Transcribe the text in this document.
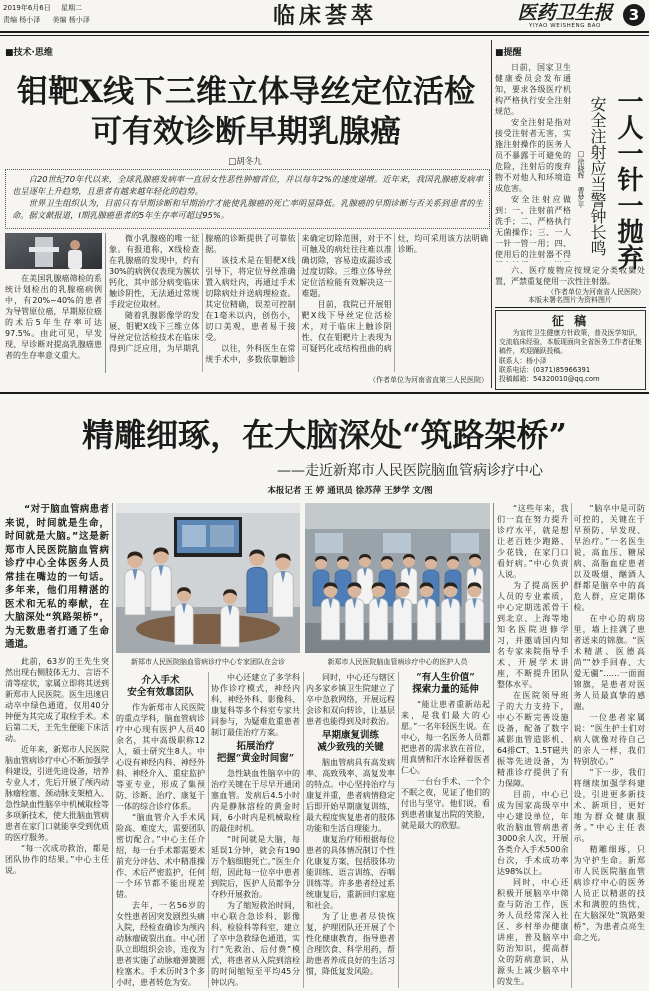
2019年6月6日 星期二
责编 杨小泽 美编 杨小泽	临床荟萃	医药卫生报
YIYAO WEISHENG BAO
3
■技术·思维
钼靶X线下三维立体导丝定位活检
可有效诊断早期乳腺癌
□胡冬九

自20世纪70年代以来，全球乳腺癌发病率一直居女性恶性肿瘤首位，并以每年2%的速度递增。近年来，我国乳腺癌发病率也呈逐年上升趋势，且患者有越来越年轻化的趋势。

世界卫生组织认为，目前只有早期诊断和早期治疗才能使乳腺癌的死亡率明显降低。乳腺癌的早期诊断与否关系到患者的生命。据文献报道，Ⅰ期乳腺癌患者的5年生存率可超过95%。

在美国乳腺癌筛检的系统计划检出的乳腺癌病例中，有20%~40%的患者为导管原位癌，早期原位癌的术后5年生存率可达97.5%。由此可见，早发现、早诊断对提高乳腺癌患者的生存率意义重大。

微小乳腺癌的唯一征象。有报道称，X线检查在乳腺癌的发现中，约有30%的病例仅表现为簇状钙化，其中部分病变临床触诊阴性，无法通过常规手段定位取材。

随着乳腺影像学的发展，钼靶X线下三维立体导丝定位活检技术在临床得到广泛应用，为早期乳腺癌的诊断提供了可靠依据。

该技术是在钼靶X线引导下，将定位导丝准确置入病灶内，再通过手术切除病灶并送病理检查。其定位精确，误差可控制在1毫米以内，创伤小，切口美观，患者易于接受。

以往，外科医生在常规手术中，多数依靠触诊来确定切除范围，对于不可触及的病灶往往难以准确切除，容易造成漏诊或过度切除。三维立体导丝定位活检能有效解决这一难题。

目前，我院已开展钼靶X线下导丝定位活检术，对于临床上触诊阴性、仅在钼靶片上表现为可疑钙化或结构扭曲的病灶，均可采用该方法明确诊断。

（作者单位为河南省直第三人民医院）
■提醒

日前，国家卫生健康委员会发布通知，要求各级医疗机构严格执行安全注射规范。

安全注射是指对接受注射者无害，实施注射操作的医务人员不暴露于可避免的危险，注射后的废弃物不对他人和环境造成危害。

安全注射应做到：一、注射前严格洗手；二、严格执行无菌操作；三、一人一针一管一用；四、使用后的注射器不得

□徐晓辉 曹梦平 安全注射应当警钟长鸣 一人一针一抛弃

六、医疗废物应按规定分类收集处置，严禁重复使用一次性注射器。

（作者单位为河南省人民医院）
本版未署名图片为资料图片
征 稿
为宣传卫生健康方针政策，普及医学知识，交流临床经验，本版现面向全省医务工作者征集稿件，欢迎踊跃投稿。
联系人：杨小泽
联系电话：(0371)85966391
投稿邮箱：54320010@qq.com
精雕细琢，在大脑深处“筑路架桥”
——走近新郑市人民医院脑血管病诊疗中心
本报记者 王 婷 通讯员 徐苏萍 王梦学 文/图

“对于脑血管病患者来说，时间就是生命，时间就是大脑。”这是新郑市人民医院脑血管病诊疗中心全体医务人员常挂在嘴边的一句话。多年来，他们用精湛的医术和无私的奉献，在大脑深处“筑路架桥”，为无数患者打通了生命通道。

此前，63岁的王先生突然出现右侧肢体无力、言语不清等症状，家属立即将其送到新郑市人民医院。医生迅速启动卒中绿色通道，仅用40分钟便为其完成了取栓手术。术后第二天，王先生便能下床活动。

近年来，新郑市人民医院脑血管病诊疗中心不断加强学科建设，引进先进设备，培养专业人才，先后开展了颅内动脉瘤栓塞、颈动脉支架植入、急性缺血性脑卒中机械取栓等多项新技术，使大批脑血管病患者在家门口就能享受到优质的医疗服务。

“每一次成功救治，都是团队协作的结果。”中心主任说。

新郑市人民医院脑血管病诊疗中心专家团队在会诊	新郑市人民医院脑血管病诊疗中心的医护人员
介入手术
安全有效靠团队

作为新郑市人民医院的重点学科，脑血管病诊疗中心现有医护人员40余名，其中高级职称12人，硕士研究生8人。中心设有神经内科、神经外科、神经介入、重症监护等亚专业，形成了集预防、诊断、治疗、康复于一体的综合诊疗体系。

“脑血管介入手术风险高、难度大，需要团队密切配合。”中心主任介绍，每一台手术都需要术前充分评估、术中精准操作、术后严密监护，任何一个环节都不能出现差错。

去年，一名56岁的女性患者因突发剧烈头痛入院，经检查确诊为颅内动脉瘤破裂出血。中心团队立即组织会诊，连夜为患者实施了动脉瘤弹簧圈栓塞术。手术历时3个多小时，患者转危为安。

中心还建立了多学科协作诊疗模式，神经内科、神经外科、影像科、康复科等多个科室专家共同参与，为疑难危重患者制订最佳治疗方案。

拓展治疗
把握“黄金时间窗”

急性缺血性脑卒中的治疗关键在于尽早开通闭塞血管。发病后4.5小时内是静脉溶栓的黄金时间，6小时内是机械取栓的最佳时机。

“时间就是大脑，每延误1分钟，就会有190万个脑细胞死亡。”医生介绍，因此每一位卒中患者到院后，医护人员都争分夺秒开展救治。

为了缩短救治时间，中心联合急诊科、影像科、检验科等科室，建立了卒中急救绿色通道，实行“先救治、后付费”模式，将患者从入院到溶栓的时间缩短至平均45分钟以内。

同时，中心还与辖区内多家乡镇卫生院建立了卒中急救网络，开展远程会诊和双向转诊，让基层患者也能得到及时救治。

早期康复训练
减少致残的关键

脑血管病具有高发病率、高致残率、高复发率的特点。中心坚持治疗与康复并重，患者病情稳定后即开始早期康复训练，最大程度恢复患者的肢体功能和生活自理能力。

康复治疗师根据每位患者的具体情况制订个性化康复方案，包括肢体功能训练、语言训练、吞咽训练等。许多患者经过系统康复后，重新回归家庭和社会。

为了让患者尽快恢复，护理团队还开展了个性化健康教育，指导患者合理饮食、科学用药，帮助患者养成良好的生活习惯，降低复发风险。

“有人生价值”
探索力量的延伸

“能让患者重新站起来，是我们最大的心愿。”一名年轻医生说。在中心，每一名医务人员都把患者的需求放在首位，用真情和汗水诠释着医者仁心。

一台台手术、一个个不眠之夜，见证了他们的付出与坚守。他们说，看到患者康复出院的笑脸，就是最大的欣慰。

“这些年来，我们一直在努力提升诊疗水平，就是想让老百姓少跑路、少花钱，在家门口看好病。”中心负责人说。

为了提高医护人员的专业素质，中心定期选派骨干到北京、上海等地知名医院进修学习，并邀请国内知名专家来院指导手术、开展学术讲座，不断提升团队整体水平。

在医院领导班子的大力支持下，中心不断完善设施设备，配备了数字减影血管造影机、64排CT、1.5T磁共振等先进设备，为精准诊疗提供了有力保障。

目前，中心已成为国家高级卒中中心建设单位，年收治脑血管病患者3000余人次，开展各类介入手术500余台次，手术成功率达98%以上。

同时，中心还积极开展脑卒中筛查与防治工作，医务人员经常深入社区、乡村举办健康讲座，普及脑卒中防治知识，提高群众的防病意识，从源头上减少脑卒中的发生。

“脑卒中是可防可控的，关键在于早预防、早发现、早治疗。”一名医生说，高血压、糖尿病、高脂血症患者以及吸烟、酗酒人群都是脑卒中的高危人群，应定期体检。

在中心的病房里，墙上挂满了患者送来的锦旗。“医术精湛、医德高尚”“妙手回春、大爱无疆”……一面面锦旗，是患者对医务人员最真挚的感谢。

一位患者家属说：“医生护士们对病人就像对待自己的亲人一样，我们特别放心。”

“下一步，我们将继续加强学科建设，引进更多新技术、新项目，更好地为群众健康服务。”中心主任表示。

精雕细琢，只为守护生命。新郑市人民医院脑血管病诊疗中心的医务人员正以精湛的技术和满腔的热忱，在大脑深处“筑路架桥”，为患者点亮生命之光。
